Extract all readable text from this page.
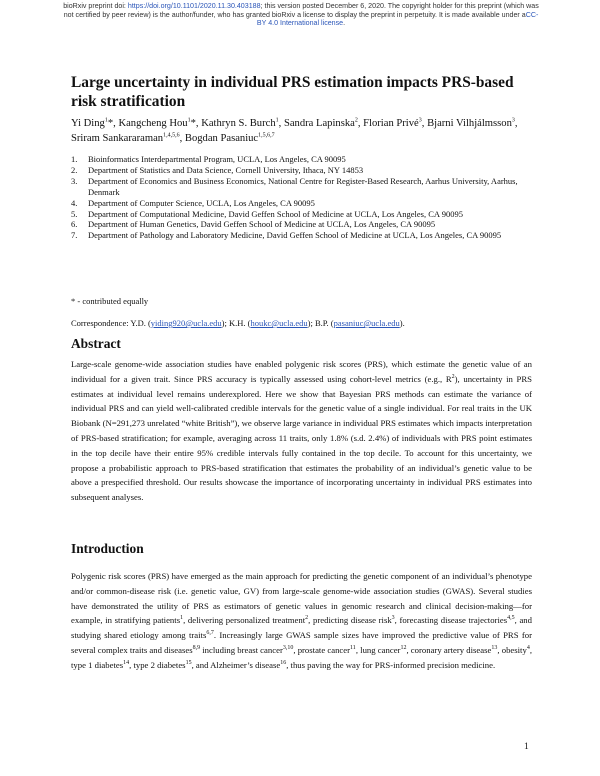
bioRxiv preprint doi: https://doi.org/10.1101/2020.11.30.403188; this version posted December 6, 2020. The copyright holder for this preprint (which was not certified by peer review) is the author/funder, who has granted bioRxiv a license to display the preprint in perpetuity. It is made available under aCC-BY 4.0 International license.
Large uncertainty in individual PRS estimation impacts PRS-based risk stratification

Yi Ding$^1$*, Kangcheng Hou$^1$*, Kathryn S. Burch$^1$, Sandra Lapinska$^2$, Florian Privé$^3$, Bjarni Vilhjálmsson$^3$, Sriram Sankararaman$^{1,4,5,6}$, Bogdan Pasaniuc$^{1,5,6,7}$

1.	Bioinformatics Interdepartmental Program, UCLA, Los Angeles, CA 90095
2.	Department of Statistics and Data Science, Cornell University, Ithaca, NY 14853
3.	Department of Economics and Business Economics, National Centre for Register-Based Research, Aarhus University, Aarhus, Denmark
4.	Department of Computer Science, UCLA, Los Angeles, CA 90095
5.	Department of Computational Medicine, David Geffen School of Medicine at UCLA, Los Angeles, CA 90095
6.	Department of Human Genetics, David Geffen School of Medicine at UCLA, Los Angeles, CA 90095
7.	Department of Pathology and Laboratory Medicine, David Geffen School of Medicine at UCLA, Los Angeles, CA 90095

* - contributed equally

Correspondence: Y.D. (yiding920@ucla.edu); K.H. (houkc@ucla.edu); B.P. (pasaniuc@ucla.edu).

Abstract

Large-scale genome-wide association studies have enabled polygenic risk scores (PRS), which estimate the genetic value of an individual for a given trait. Since PRS accuracy is typically assessed using cohort-level metrics (e.g., $R^2$), uncertainty in PRS estimates at individual level remains underexplored. Here we show that Bayesian PRS methods can estimate the variance of individual PRS and can yield well-calibrated credible intervals for the genetic value of a single individual. For real traits in the UK Biobank (N=291,273 unrelated “white British”), we observe large variance in individual PRS estimates which impacts interpretation of PRS-based stratification; for example, averaging across 11 traits, only 1.8% (s.d. 2.4%) of individuals with PRS point estimates in the top decile have their entire 95% credible intervals fully contained in the top decile. To account for this uncertainty, we propose a probabilistic approach to PRS-based stratification that estimates the probability of an individual’s genetic value to be above a prespecified threshold. Our results showcase the importance of incorporating uncertainty in individual PRS estimates into subsequent analyses.

Introduction

Polygenic risk scores (PRS) have emerged as the main approach for predicting the genetic component of an individual’s phenotype and/or common-disease risk (i.e. genetic value, GV) from large-scale genome-wide association studies (GWAS). Several studies have demonstrated the utility of PRS as estimators of genetic values in genomic research and clinical decision-making—for example, in stratifying patients$^1$, delivering personalized treatment$^2$, predicting disease risk$^3$, forecasting disease trajectories$^{4,5}$, and studying shared etiology among traits$^{6,7}$. Increasingly large GWAS sample sizes have improved the predictive value of PRS for several complex traits and diseases$^{8,9}$ including breast cancer$^{3,10}$, prostate cancer$^{11}$, lung cancer$^{12}$, coronary artery disease$^{13}$, obesity$^4$, type 1 diabetes$^{14}$, type 2 diabetes$^{15}$, and Alzheimer’s disease$^{16}$, thus paving the way for PRS-informed precision medicine.

1
